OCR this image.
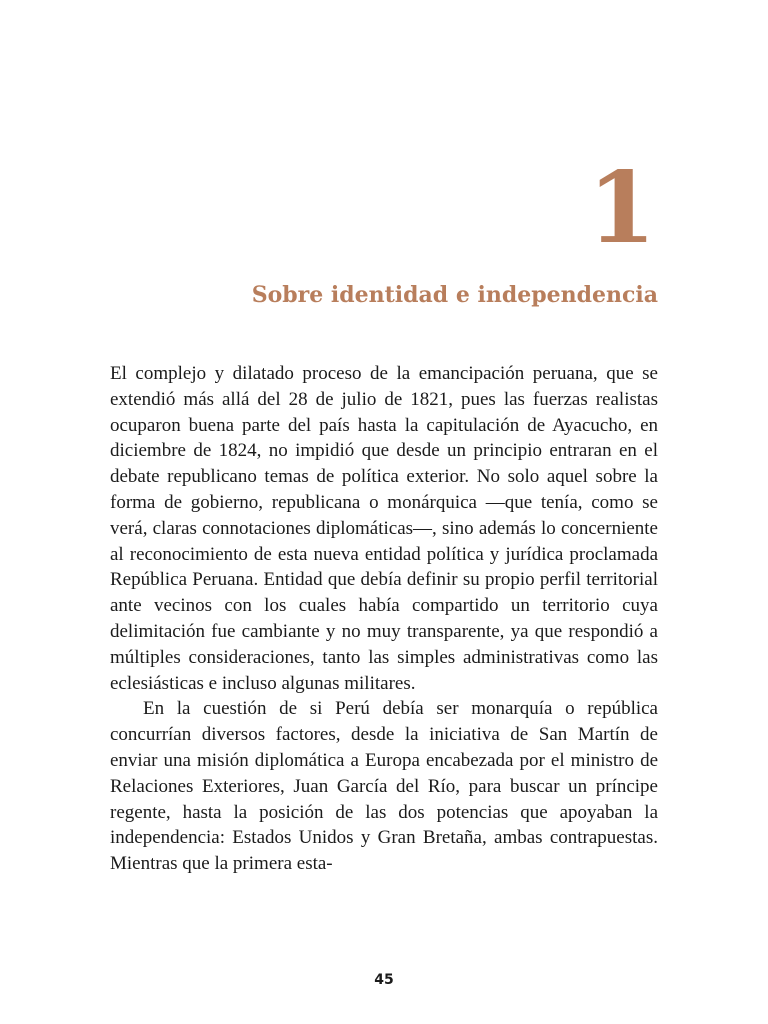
1
Sobre identidad e independencia

El complejo y dilatado proceso de la emancipación peruana, que se extendió más allá del 28 de julio de 1821, pues las fuerzas realistas ocuparon buena parte del país hasta la capitulación de Ayacucho, en diciembre de 1824, no impidió que desde un principio entraran en el debate republicano temas de política exterior. No solo aquel sobre la forma de gobierno, republicana o monárquica —que tenía, como se verá, claras connotaciones diplomáticas—, sino además lo concerniente al reconocimiento de esta nueva entidad política y jurídica proclamada República Peruana. Entidad que debía definir su propio perfil territorial ante vecinos con los cuales había compartido un territorio cuya delimitación fue cambiante y no muy transparente, ya que respondió a múltiples consideraciones, tanto las simples administrativas como las eclesiásticas e incluso algunas militares.

En la cuestión de si Perú debía ser monarquía o república concurrían diversos factores, desde la iniciativa de San Martín de enviar una misión diplomática a Europa encabezada por el ministro de Relaciones Exteriores, Juan García del Río, para buscar un príncipe regente, hasta la posición de las dos potencias que apoyaban la independencia: Estados Unidos y Gran Bretaña, ambas contrapuestas. Mientras que la primera esta-

45
